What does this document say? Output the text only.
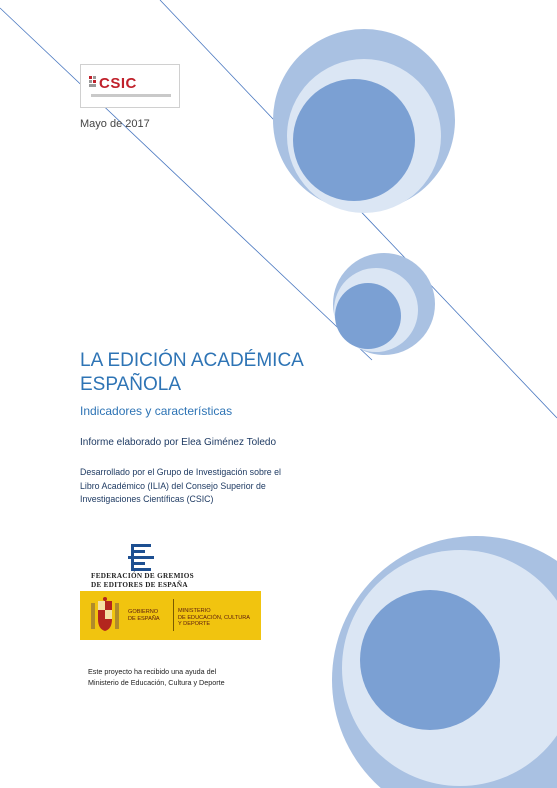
CSIC
Mayo de 2017
LA EDICIÓN ACADÉMICA ESPAÑOLA
Indicadores y características
Informe elaborado por Elea Giménez Toledo
Desarrollado por el Grupo de Investigación sobre el Libro Académico (ILIA) del Consejo Superior de Investigaciones Científicas (CSIC)
FEDERACIÓN DE GREMIOS
DE EDITORES DE ESPAÑA
GOBIERNO
DE ESPAÑA
MINISTERIO
DE EDUCACIÓN, CULTURA
Y DEPORTE
Este proyecto ha recibido una ayuda del
Ministerio de Educación, Cultura y Deporte
